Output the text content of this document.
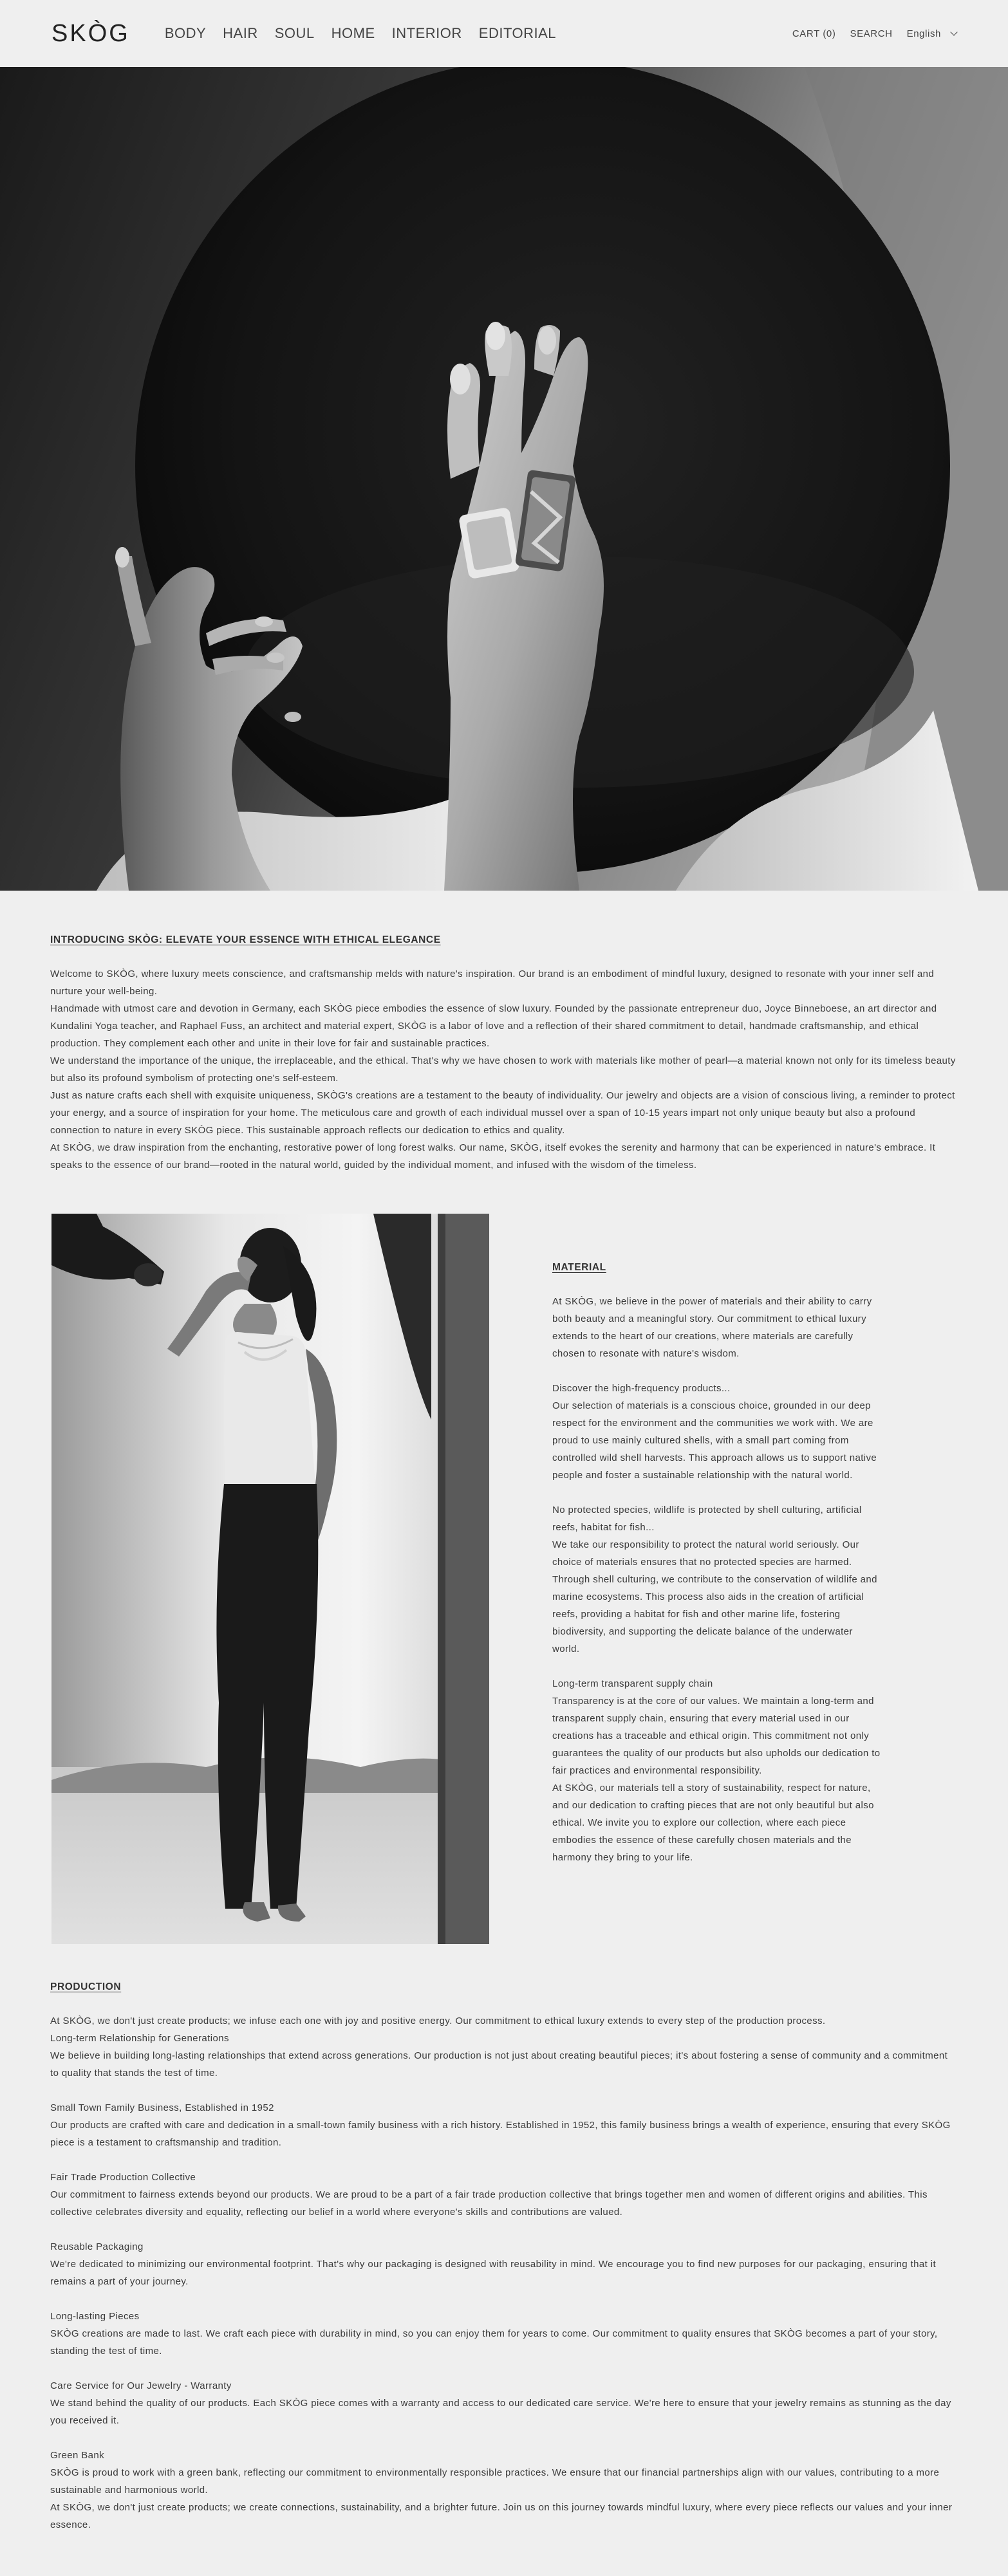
SKÒG BODY HAIR SOUL HOME INTERIOR EDITORIAL	CART (0) SEARCH English
INTRODUCING SKÒG: ELEVATE YOUR ESSENCE WITH ETHICAL ELEGANCE

Welcome to SKÒG, where luxury meets conscience, and craftsmanship melds with nature's inspiration. Our brand is an embodiment of mindful luxury, designed to resonate with your inner self and nurture your well-being.

Handmade with utmost care and devotion in Germany, each SKÒG piece embodies the essence of slow luxury. Founded by the passionate entrepreneur duo, Joyce Binneboese, an art director and Kundalini Yoga teacher, and Raphael Fuss, an architect and material expert, SKÒG is a labor of love and a reflection of their shared commitment to detail, handmade craftsmanship, and ethical production. They complement each other and unite in their love for fair and sustainable practices.

We understand the importance of the unique, the irreplaceable, and the ethical. That's why we have chosen to work with materials like mother of pearl—a material known not only for its timeless beauty but also its profound symbolism of protecting one's self-esteem.

Just as nature crafts each shell with exquisite uniqueness, SKÒG's creations are a testament to the beauty of individuality. Our jewelry and objects are a vision of conscious living, a reminder to protect your energy, and a source of inspiration for your home. The meticulous care and growth of each individual mussel over a span of 10-15 years impart not only unique beauty but also a profound connection to nature in every SKÒG piece. This sustainable approach reflects our dedication to ethics and quality.

At SKÒG, we draw inspiration from the enchanting, restorative power of long forest walks. Our name, SKÒG, itself evokes the serenity and harmony that can be experienced in nature's embrace. It speaks to the essence of our brand—rooted in the natural world, guided by the individual moment, and infused with the wisdom of the timeless.

MATERIAL

At SKÒG, we believe in the power of materials and their ability to carry both beauty and a meaningful story. Our commitment to ethical luxury extends to the heart of our creations, where materials are carefully chosen to resonate with nature's wisdom.

Discover the high-frequency products...

Our selection of materials is a conscious choice, grounded in our deep respect for the environment and the communities we work with. We are proud to use mainly cultured shells, with a small part coming from controlled wild shell harvests. This approach allows us to support native people and foster a sustainable relationship with the natural world.

No protected species, wildlife is protected by shell culturing, artificial reefs, habitat for fish...

We take our responsibility to protect the natural world seriously. Our choice of materials ensures that no protected species are harmed. Through shell culturing, we contribute to the conservation of wildlife and marine ecosystems. This process also aids in the creation of artificial reefs, providing a habitat for fish and other marine life, fostering biodiversity, and supporting the delicate balance of the underwater world.

Long-term transparent supply chain

Transparency is at the core of our values. We maintain a long-term and transparent supply chain, ensuring that every material used in our creations has a traceable and ethical origin. This commitment not only guarantees the quality of our products but also upholds our dedication to fair practices and environmental responsibility.

At SKÒG, our materials tell a story of sustainability, respect for nature, and our dedication to crafting pieces that are not only beautiful but also ethical. We invite you to explore our collection, where each piece embodies the essence of these carefully chosen materials and the harmony they bring to your life.

PRODUCTION

At SKÒG, we don't just create products; we infuse each one with joy and positive energy. Our commitment to ethical luxury extends to every step of the production process.

Long-term Relationship for Generations

We believe in building long-lasting relationships that extend across generations. Our production is not just about creating beautiful pieces; it's about fostering a sense of community and a commitment to quality that stands the test of time.

Small Town Family Business, Established in 1952

Our products are crafted with care and dedication in a small-town family business with a rich history. Established in 1952, this family business brings a wealth of experience, ensuring that every SKÒG piece is a testament to craftsmanship and tradition.

Fair Trade Production Collective

Our commitment to fairness extends beyond our products. We are proud to be a part of a fair trade production collective that brings together men and women of different origins and abilities. This collective celebrates diversity and equality, reflecting our belief in a world where everyone's skills and contributions are valued.

Reusable Packaging

We're dedicated to minimizing our environmental footprint. That's why our packaging is designed with reusability in mind. We encourage you to find new purposes for our packaging, ensuring that it remains a part of your journey.

Long-lasting Pieces

SKÒG creations are made to last. We craft each piece with durability in mind, so you can enjoy them for years to come. Our commitment to quality ensures that SKÒG becomes a part of your story, standing the test of time.

Care Service for Our Jewelry - Warranty

We stand behind the quality of our products. Each SKÒG piece comes with a warranty and access to our dedicated care service. We're here to ensure that your jewelry remains as stunning as the day you received it.

Green Bank

SKÒG is proud to work with a green bank, reflecting our commitment to environmentally responsible practices. We ensure that our financial partnerships align with our values, contributing to a more sustainable and harmonious world.

At SKÒG, we don't just create products; we create connections, sustainability, and a brighter future. Join us on this journey towards mindful luxury, where every piece reflects our values and your inner essence.
